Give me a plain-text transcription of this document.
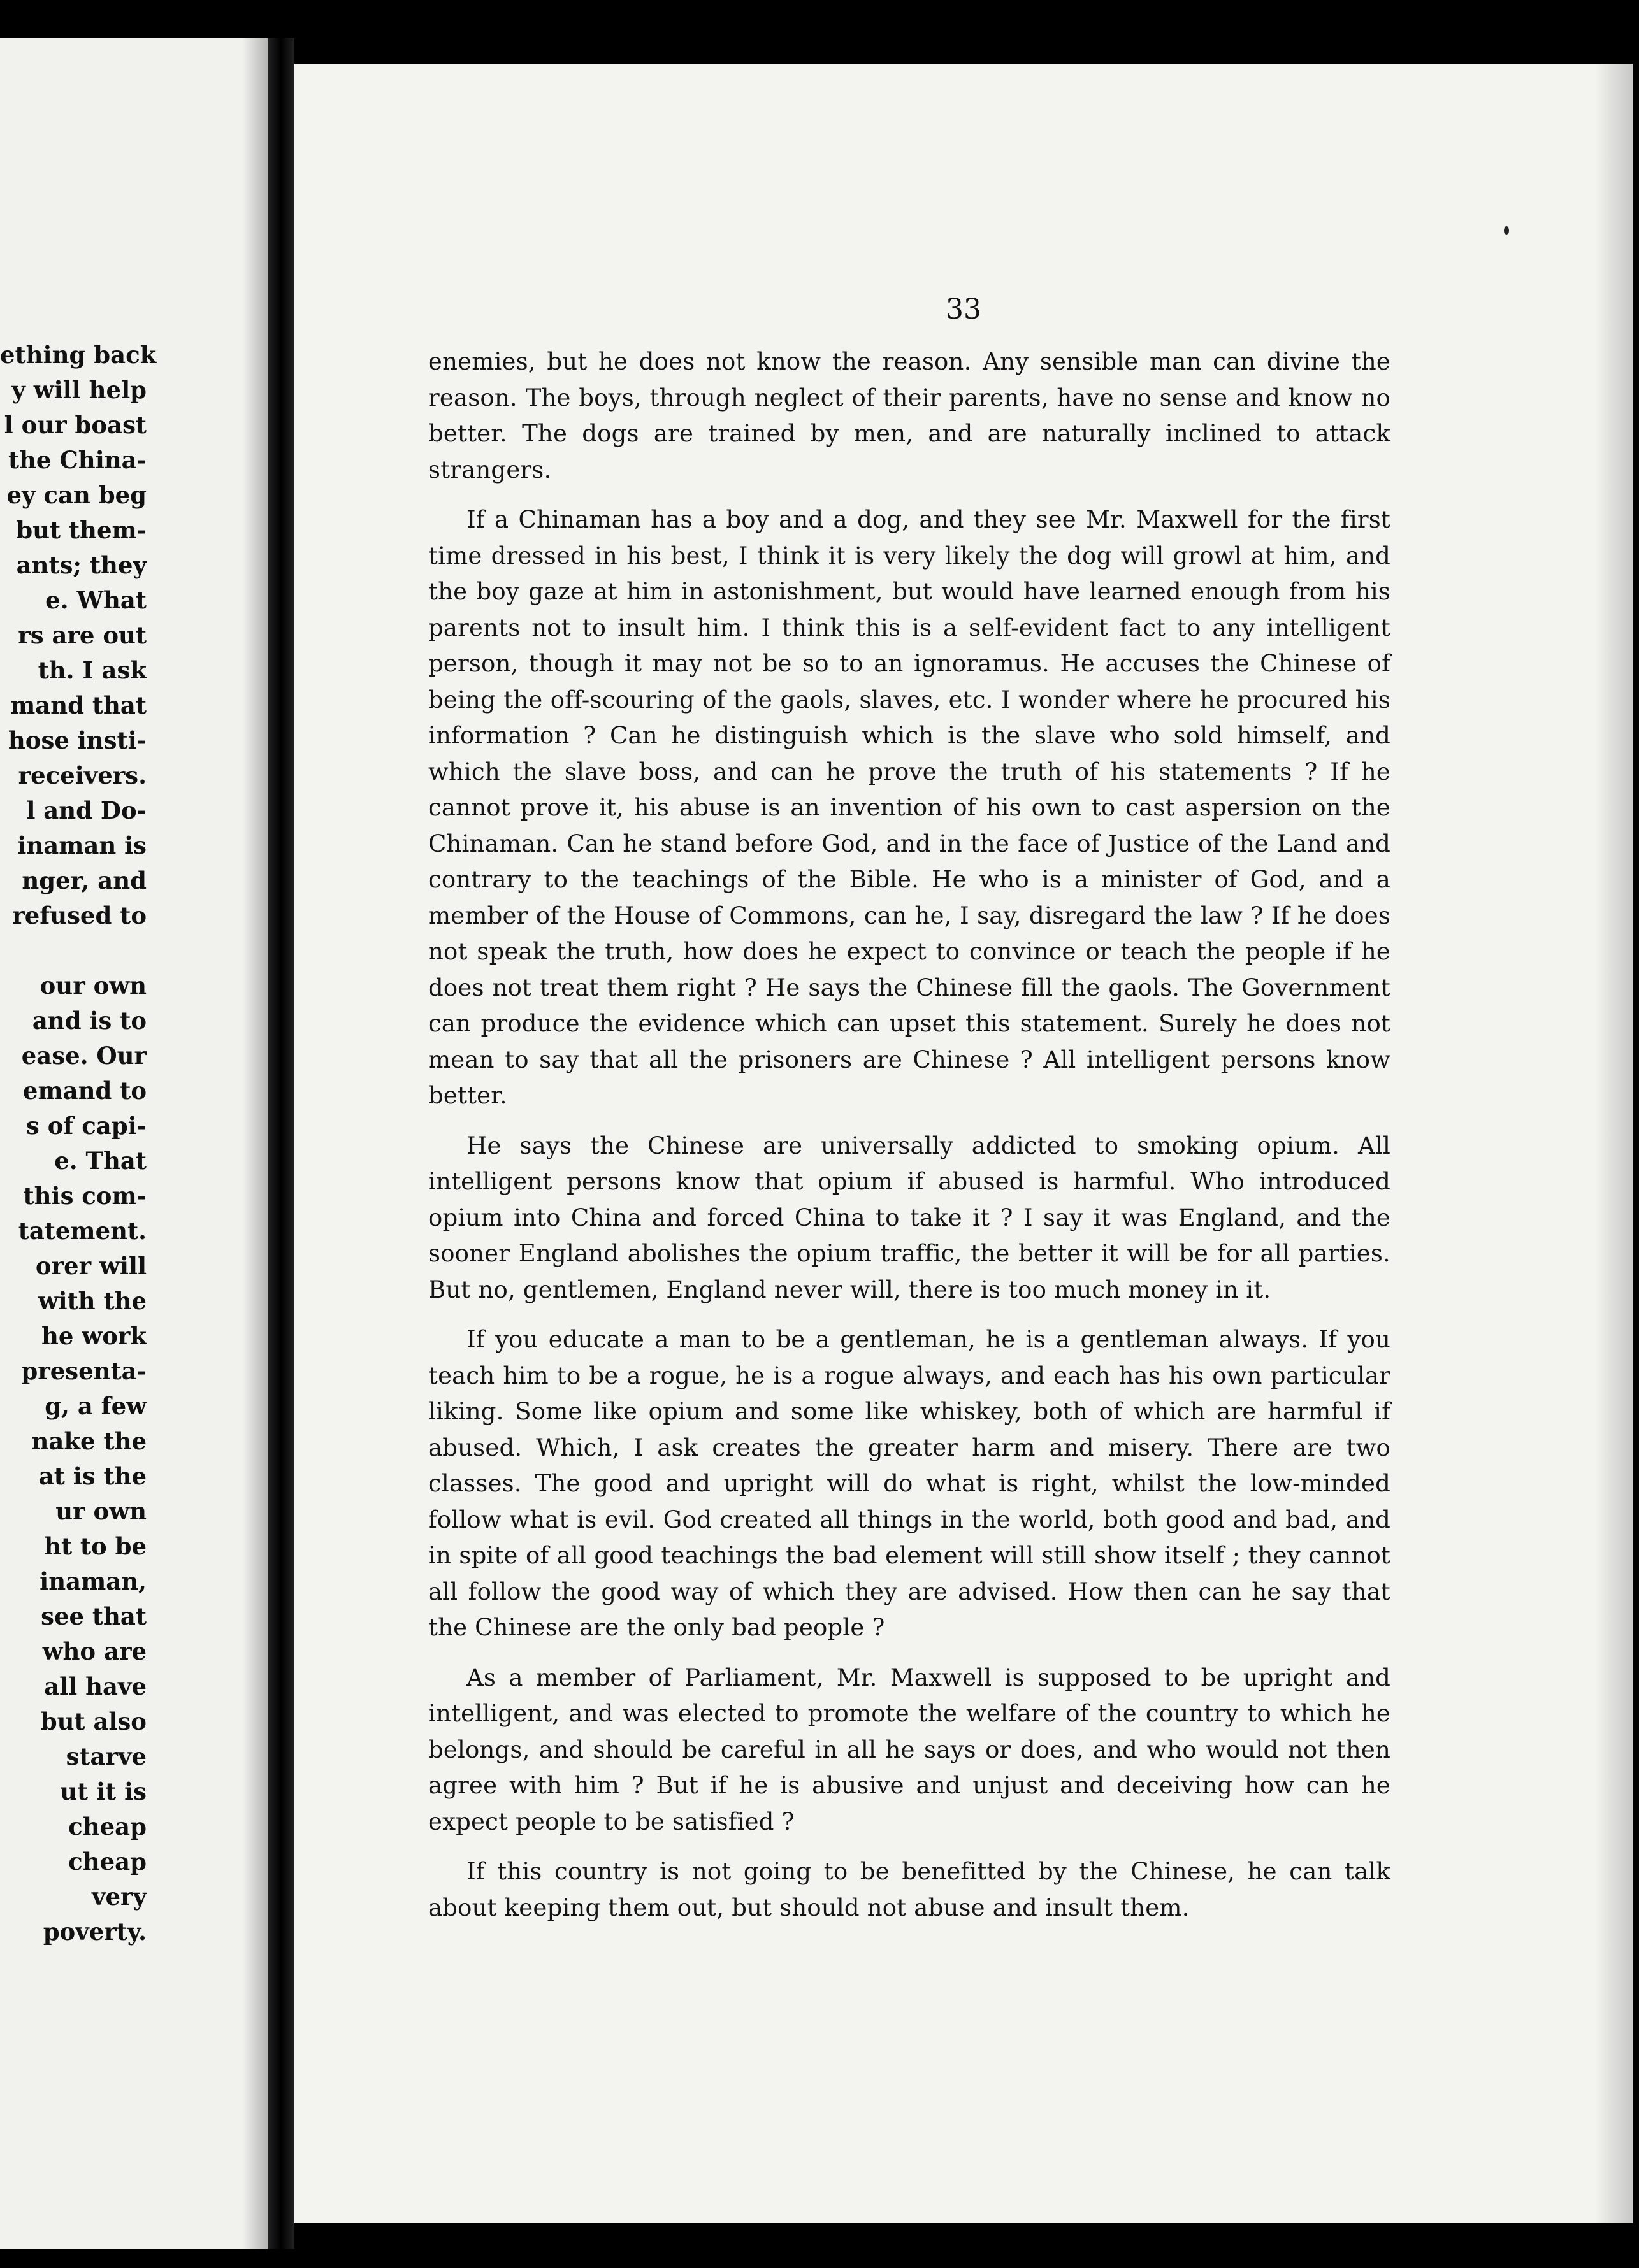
ething back
y will help
l our boast
the China-
ey can beg
but them-
ants; they
e. What
rs are out
th. I ask
mand that
hose insti-
receivers.
l and Do-
inaman is
nger, and
refused to
our own
and is to
ease. Our
emand to
s of capi-
e. That
this com-
tatement.
orer will
with the
he work
presenta-
g, a few
nake the
at is the
ur own
ht to be
inaman,
see that
who are
all have
but also
starve
ut it is
cheap
cheap
very
poverty.
33

enemies, but he does not know the reason. Any sensible man can divine the reason. The boys, through neglect of their parents, have no sense and know no better. The dogs are trained by men, and are naturally inclined to attack strangers.

If a Chinaman has a boy and a dog, and they see Mr. Maxwell for the first time dressed in his best, I think it is very likely the dog will growl at him, and the boy gaze at him in astonishment, but would have learned enough from his parents not to insult him. I think this is a self-evident fact to any intelligent person, though it may not be so to an ignoramus. He accuses the Chinese of being the off-scouring of the gaols, slaves, etc. I wonder where he procured his information ? Can he distinguish which is the slave who sold himself, and which the slave boss, and can he prove the truth of his statements ? If he cannot prove it, his abuse is an invention of his own to cast aspersion on the Chinaman. Can he stand before God, and in the face of Justice of the Land and contrary to the teachings of the Bible. He who is a minister of God, and a member of the House of Commons, can he, I say, disregard the law ? If he does not speak the truth, how does he expect to convince or teach the people if he does not treat them right ? He says the Chinese fill the gaols. The Government can produce the evidence which can upset this statement. Surely he does not mean to say that all the prisoners are Chinese ? All intelligent persons know better.

He says the Chinese are universally addicted to smoking opium. All intelligent persons know that opium if abused is harmful. Who introduced opium into China and forced China to take it ? I say it was England, and the sooner England abolishes the opium traffic, the better it will be for all parties. But no, gentlemen, England never will, there is too much money in it.

If you educate a man to be a gentleman, he is a gentleman always. If you teach him to be a rogue, he is a rogue always, and each has his own particular liking. Some like opium and some like whiskey, both of which are harmful if abused. Which, I ask creates the greater harm and misery. There are two classes. The good and upright will do what is right, whilst the low-minded follow what is evil. God created all things in the world, both good and bad, and in spite of all good teachings the bad element will still show itself ; they cannot all follow the good way of which they are advised. How then can he say that the Chinese are the only bad people ?

As a member of Parliament, Mr. Maxwell is supposed to be upright and intelligent, and was elected to promote the welfare of the country to which he belongs, and should be careful in all he says or does, and who would not then agree with him ? But if he is abusive and unjust and deceiving how can he expect people to be satisfied ?

If this country is not going to be benefitted by the Chinese, he can talk about keeping them out, but should not abuse and insult them.
